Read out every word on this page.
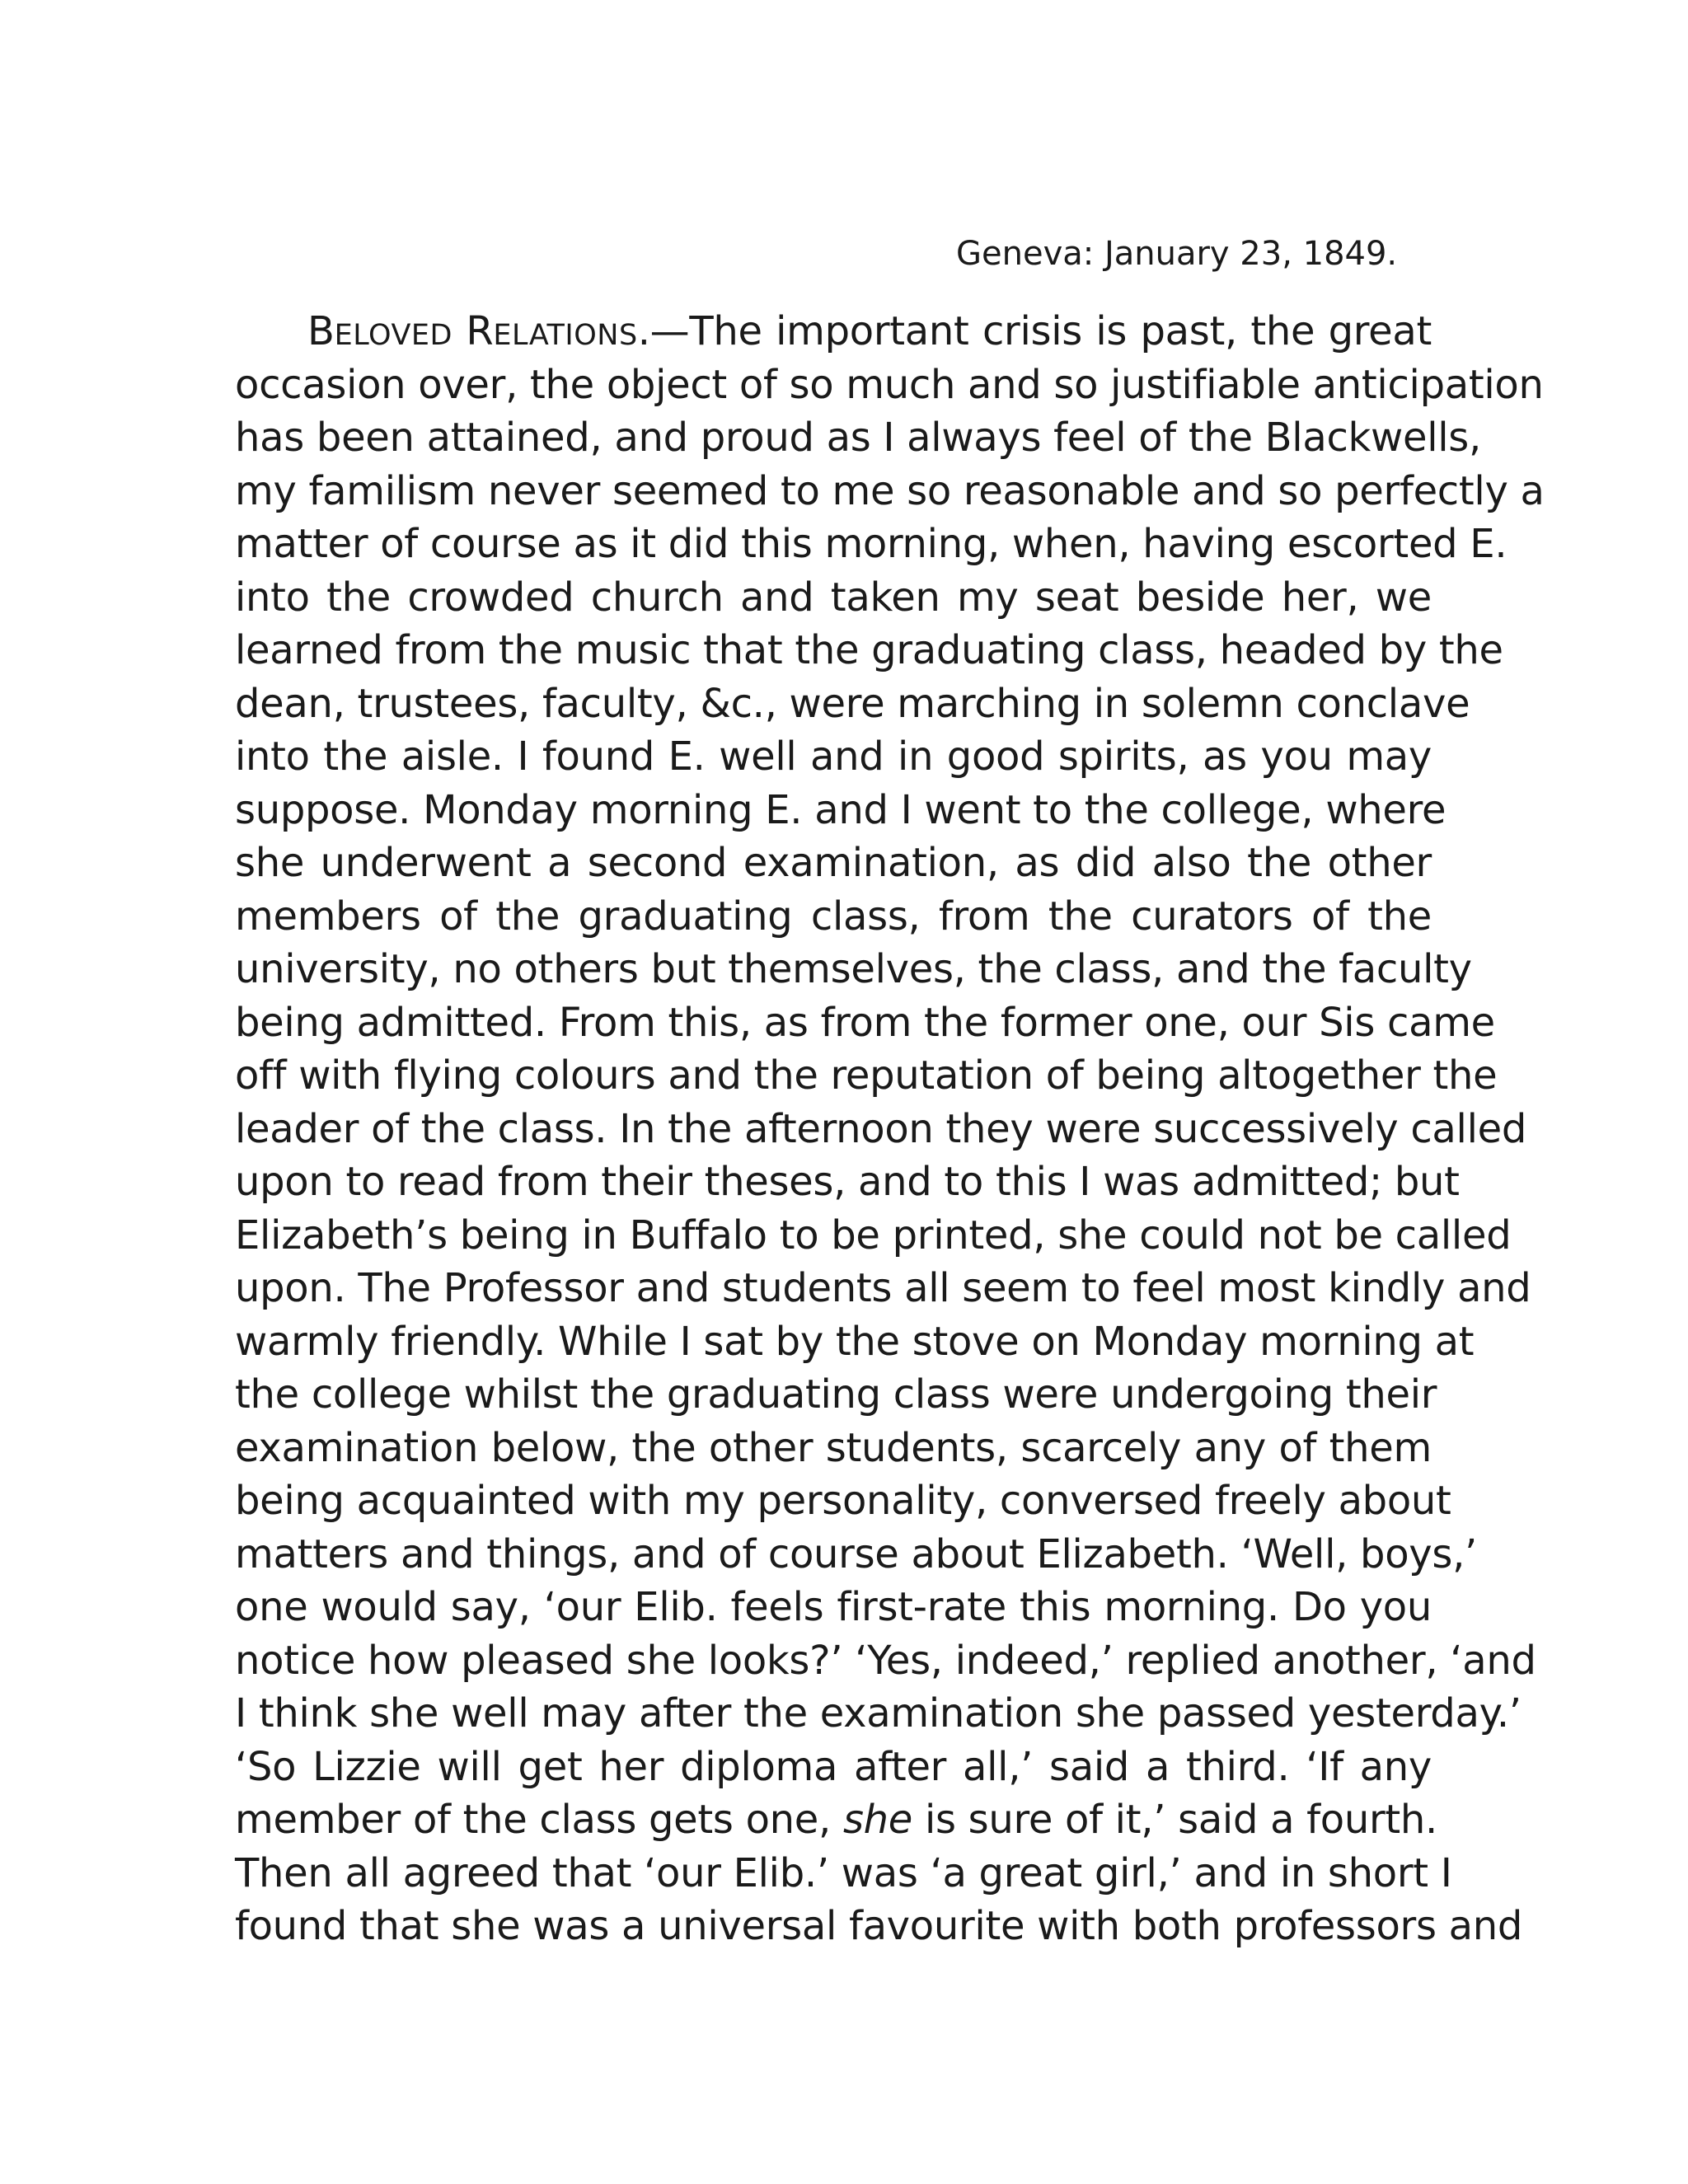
Geneva: January 23, 1849.
BELOVED RELATIONS.—The important crisis is past, the great
occasion over, the object of so much and so justifiable anticipation
has been attained, and proud as I always feel of the Blackwells,
my familism never seemed to me so reasonable and so perfectly a
matter of course as it did this morning, when, having escorted E.
into the crowded church and taken my seat beside her, we
learned from the music that the graduating class, headed by the
dean, trustees, faculty, &c., were marching in solemn conclave
into the aisle. I found E. well and in good spirits, as you may
suppose. Monday morning E. and I went to the college, where
she underwent a second examination, as did also the other
members of the graduating class, from the curators of the
university, no others but themselves, the class, and the faculty
being admitted. From this, as from the former one, our Sis came
off with flying colours and the reputation of being altogether the
leader of the class. In the afternoon they were successively called
upon to read from their theses, and to this I was admitted; but
Elizabeth’s being in Buffalo to be printed, she could not be called
upon. The Professor and students all seem to feel most kindly and
warmly friendly. While I sat by the stove on Monday morning at
the college whilst the graduating class were undergoing their
examination below, the other students, scarcely any of them
being acquainted with my personality, conversed freely about
matters and things, and of course about Elizabeth. ‘Well, boys,’
one would say, ‘our Elib. feels first-rate this morning. Do you
notice how pleased she looks?’ ‘Yes, indeed,’ replied another, ‘and
I think she well may after the examination she passed yesterday.’
‘So Lizzie will get her diploma after all,’ said a third. ‘If any
member of the class gets one, she is sure of it,’ said a fourth.
Then all agreed that ‘our Elib.’ was ‘a great girl,’ and in short I
found that she was a universal favourite with both professors and
